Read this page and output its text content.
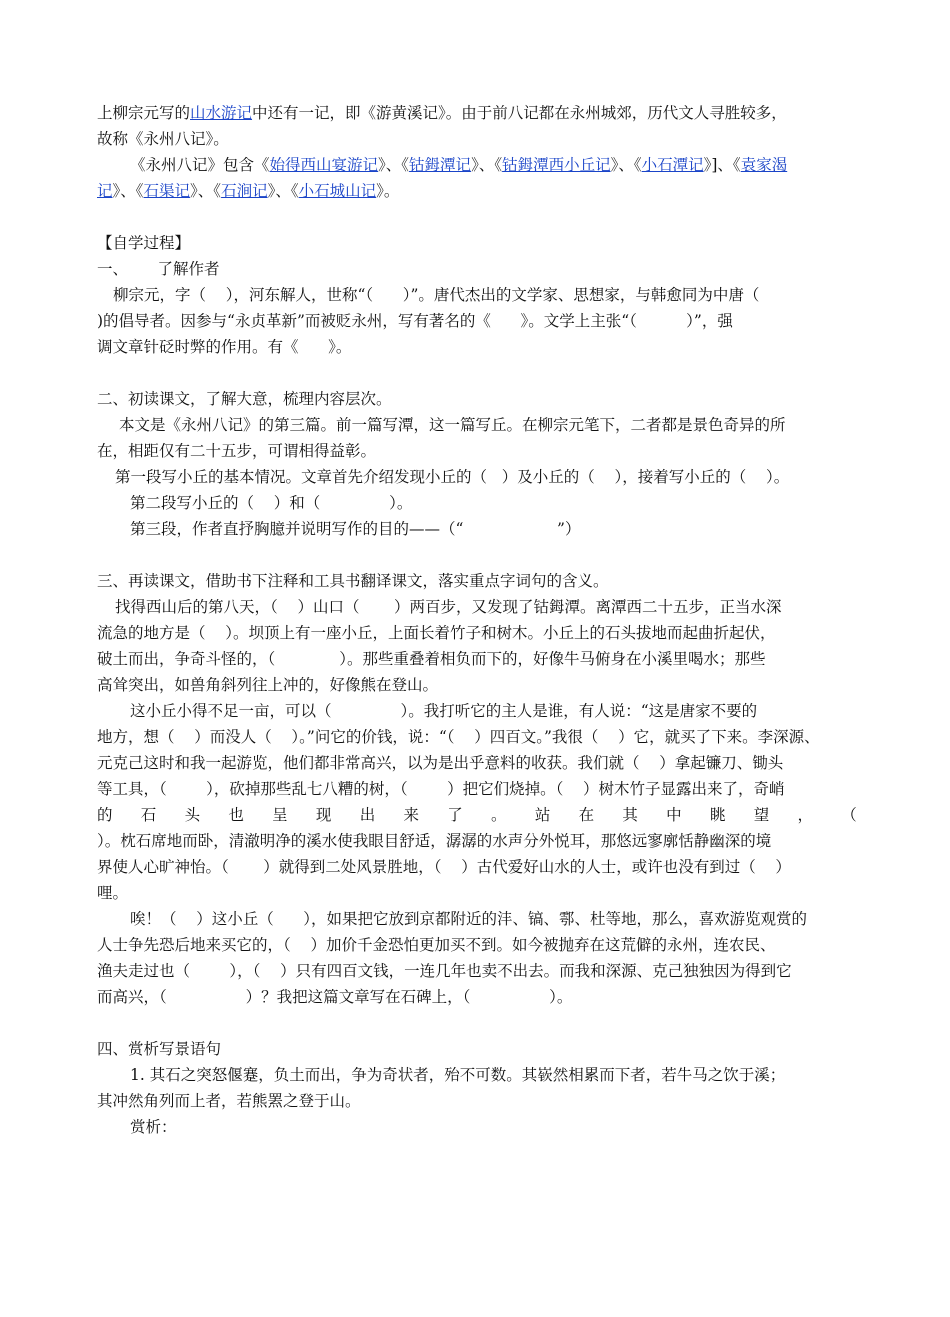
上柳宗元写的山水游记中还有一记，即《游黄溪记》。由于前八记都在永州城郊，历代文人寻胜较多，

故称《永州八记》。

《永州八记》包含《始得西山宴游记》、《钴鉧潭记》、《钴鉧潭西小丘记》、《小石潭记》]、《袁家渴

记》、《石渠记》、《石涧记》、《小石城山记》。

【自学过程】

一、      了解作者

柳宗元，字（    ），河东解人，世称“（      ）”。唐代杰出的文学家、思想家，与韩愈同为中唐（

)的倡导者。因参与“永贞革新”而被贬永州，写有著名的《      》。文学上主张“（          ）”，强

调文章针砭时弊的作用。有《      》。

二、初读课文，了解大意，梳理内容层次。

本文是《永州八记》的第三篇。前一篇写潭，这一篇写丘。在柳宗元笔下，二者都是景色奇异的所

在，相距仅有二十五步，可谓相得益彰。

第一段写小丘的基本情况。文章首先介绍发现小丘的（   ）及小丘的（    ），接着写小丘的（    ）。

第二段写小丘的（    ）和（              ）。

第三段，作者直抒胸臆并说明写作的目的——（“                   ”）

三、再读课文，借助书下注释和工具书翻译课文，落实重点字词句的含义。

找得西山后的第八天，（    ）山口（       ）两百步，又发现了钴鉧潭。离潭西二十五步，正当水深

流急的地方是（    ）。坝顶上有一座小丘，上面长着竹子和树木。小丘上的石头拔地而起曲折起伏，

破土而出，争奇斗怪的，（             ）。那些重叠着相负而下的，好像牛马俯身在小溪里喝水；那些

高耸突出，如兽角斜列往上冲的，好像熊在登山。

这小丘小得不足一亩，可以（              ）。我打听它的主人是谁，有人说：“这是唐家不要的

地方，想（    ）而没人（    ）。”问它的价钱，说：“（    ）四百文。”我很（    ）它，就买了下来。李深源、

元克己这时和我一起游览，他们都非常高兴，以为是出乎意料的收获。我们就（    ）拿起镰刀、锄头

等工具，（        ），砍掉那些乱七八糟的树，（        ）把它们烧掉。（    ）树木竹子显露出来了，奇峭

的 石 头 也 呈 现 出 来 了 。 站 在 其 中 眺 望 ， （

）。枕石席地而卧，清澈明净的溪水使我眼目舒适，潺潺的水声分外悦耳，那悠远寥廓恬静幽深的境

界使人心旷神怡。（       ）就得到二处风景胜地，（    ）古代爱好山水的人士，或许也没有到过（    ）

哩。

唉！（    ）这小丘（      ），如果把它放到京都附近的沣、镐、鄠、杜等地，那么，喜欢游览观赏的

人士争先恐后地来买它的，（    ）加价千金恐怕更加买不到。如今被抛弃在这荒僻的永州，连农民、

渔夫走过也（        ），（    ）只有四百文钱，一连几年也卖不出去。而我和深源、克己独独因为得到它

而高兴，（                ）？我把这篇文章写在石碑上，（                ）。

四、赏析写景语句

1. 其石之突怒偃蹇，负土而出，争为奇状者，殆不可数。其嵚然相累而下者，若牛马之饮于溪；

其冲然角列而上者，若熊罴之登于山。

赏析：
